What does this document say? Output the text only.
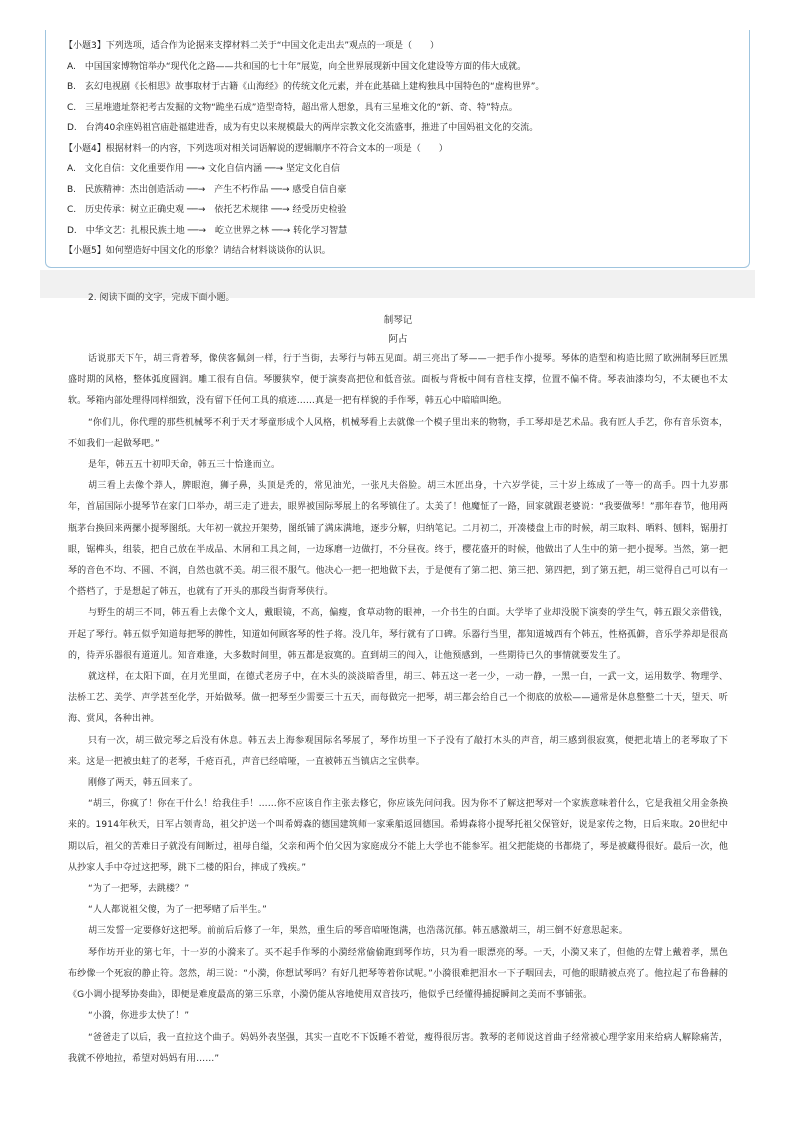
【小题3】下列选项，适合作为论据来支撑材料二关于“中国文化走出去”观点的一项是（　　）
A.　中国国家博物馆举办“现代化之路——共和国的七十年”展览，向全世界展现新中国文化建设等方面的伟大成就。
B.　玄幻电视剧《长相思》故事取材于古籍《山海经》的传统文化元素，并在此基础上建构独具中国特色的“虚构世界”。
C.　三星堆遗址祭祀考古发掘的文物“跪坐石成”造型奇特，超出常人想象，具有三星堆文化的“新、奇、特”特点。
D.　台湾40余座妈祖宫庙赴福建进香，成为有史以来规模最大的两岸宗教文化交流盛事，推进了中国妈祖文化的交流。
【小题4】根据材料一的内容，下列选项对相关词语解说的逻辑顺序不符合文本的一项是（　　）
A.　文化自信：文化重要作用 ──→ 文化自信内涵 ──→ 坚定文化自信
B.　民族精神：杰出创造活动 ──→　产生不朽作品 ──→ 感受自信自豪
C.　历史传承：树立正确史观 ──→　依托艺术规律 ──→ 经受历史检验
D.　中华文艺：扎根民族土地 ──→　屹立世界之林 ──→ 转化学习智慧
【小题5】如何塑造好中国文化的形象？请结合材料谈谈你的认识。
2. 阅读下面的文字，完成下面小题。
制琴记
阿占

话说那天下午，胡三背着琴，像侠客佩剑一样，行于当街，去琴行与韩五见面。胡三亮出了琴——一把手作小提琴。琴体的造型和构造比照了欧洲制琴巨匠黑盛时期的风格，整体弧度圆润。雕工很有自信。琴腰狭窄，便于演奏高把位和低音弦。面板与背板中间有音柱支撑，位置不偏不倚。琴表油漆均匀，不太硬也不太软。琴箱内部处理得同样细致，没有留下任何工具的痕迹……真是一把有样貌的手作琴，韩五心中暗暗叫绝。

“你们儿，你代理的那些机械琴不利于天才琴童形成个人风格，机械琴看上去就像一个模子里出来的物物，手工琴却是艺术品。我有匠人手艺，你有音乐资本，不如我们一起做琴吧。”

是年，韩五五十初叩天命，韩五三十恰逢而立。

胡三看上去像个莽人，脾眼泡，狮子鼻，头顶是秃的，常见油光，一张凡夫俗脸。胡三木匠出身，十六岁学徒，三十岁上练成了一等一的高手。四十九岁那年，首届国际小提琴节在家门口举办，胡三走了进去，眼界被国际琴展上的名琴镇住了。太美了！他魔怔了一路，回家就跟老婆说：“我要做琴！”那年春节，他用两瓶茅台换回来两摞小提琴图纸。大年初一就拉开架势，图纸铺了满床满地，逐步分解，归纳笔记。二月初二，开凑楼盘上市的时候，胡三取料、晒料、刨料，锯册打眼，锯榫头，组装，把自己放在半成品、木屑和工具之间，一边琢磨一边做打，不分昼夜。终于，樱花盛开的时候，他做出了人生中的第一把小提琴。当然，第一把琴的音色不均、不圆、不润，自然也就不美。胡三很不服气。他决心一把一把地做下去，于是便有了第二把、第三把、第四把，到了第五把，胡三觉得自己可以有一个搭档了，于是想起了韩五，也就有了开头的那段当街背琴侠行。

与野生的胡三不同，韩五看上去像个文人，戴眼镜，不高，偏瘦，食草动物的眼神，一介书生的白面。大学毕了业却没脱下演奏的学生气，韩五跟父亲借钱，开起了琴行。韩五似乎知道每把琴的脾性，知道如何顾客琴的性子将。没几年，琴行就有了口碑。乐器行当里，都知道城西有个韩五，性格孤僻，音乐学养却是很高的，待弄乐器很有道道儿。知音难逢，大多数时间里，韩五都是寂寞的。直到胡三的闯入，让他预感到，一些期待已久的事情就要发生了。

就这样，在太阳下面，在月光里面，在德式老房子中，在木头的淡淡暗香里，胡三、韩五这一老一少，一动一静，一黑一白，一武一文，运用数学、物理学、法桥工艺、美学、声学甚至化学，开始做琴。做一把琴至少需要三十五天，而每做完一把琴，胡三都会给自己一个彻底的放松——通常是休息整整二十天，望天、听海、赏风，各种出神。

只有一次，胡三做完琴之后没有休息。韩五去上海参观国际名琴展了，琴作坊里一下子没有了敲打木头的声音，胡三感到很寂寞，便把北墙上的老琴取了下来。这是一把被虫蛀了的老琴，千疮百孔，声音已经喑哑，一直被韩五当镇店之宝供奉。

刚修了两天，韩五回来了。

“胡三，你疯了！你在干什么！给我住手！……你不应该自作主张去修它，你应该先问问我。因为你不了解这把琴对一个家族意味着什么，它是我祖父用金条换来的。1914年秋天，日军占领青岛，祖父护送一个叫希姆森的德国建筑师一家乘船返回德国。希姆森将小提琴托祖父保管好，说是家传之物，日后来取。20世纪中期以后，祖父的苦难日子就没有间断过，祖母自缢，父亲和两个伯父因为家庭成分不能上大学也不能参军。祖父把能烧的书都烧了，琴是被藏得很好。最后一次，他从抄家人手中夺过这把琴，跳下二楼的阳台，摔成了残疾。”

“为了一把琴，去跳楼？”

“人人都说祖父傻，为了一把琴赌了后半生。”

胡三发誓一定要修好这把琴。前前后后修了一年，果然，重生后的琴音喑哑饱满，也浩荡沉郁。韩五感激胡三，胡三倒不好意思起来。

琴作坊开业的第七年，十一岁的小漪来了。买不起手作琴的小漪经常偷偷跑到琴作坊，只为看一眼漂亮的琴。一天，小漪又来了，但他的左臂上戴着孝，黑色布纱像一个死寂的静止符。忽然，胡三说：“小漪，你想试琴吗？有好几把琴等着你试呢。”小漪很难把泪水一下子咽回去，可他的眼睛被点亮了。他拉起了布鲁赫的《G小调小提琴协奏曲》，即便是难度最高的第三乐章，小漪仍能从容地使用双音技巧，他似乎已经懂得捕捉瞬间之美而不事铺张。

“小漪，你进步太快了！”

“爸爸走了以后，我一直拉这个曲子。妈妈外表坚强，其实一直吃不下饭睡不着觉，瘦得很厉害。教琴的老师说这首曲子经常被心理学家用来给病人解除痛苦，我就不停地拉，希望对妈妈有用……”
